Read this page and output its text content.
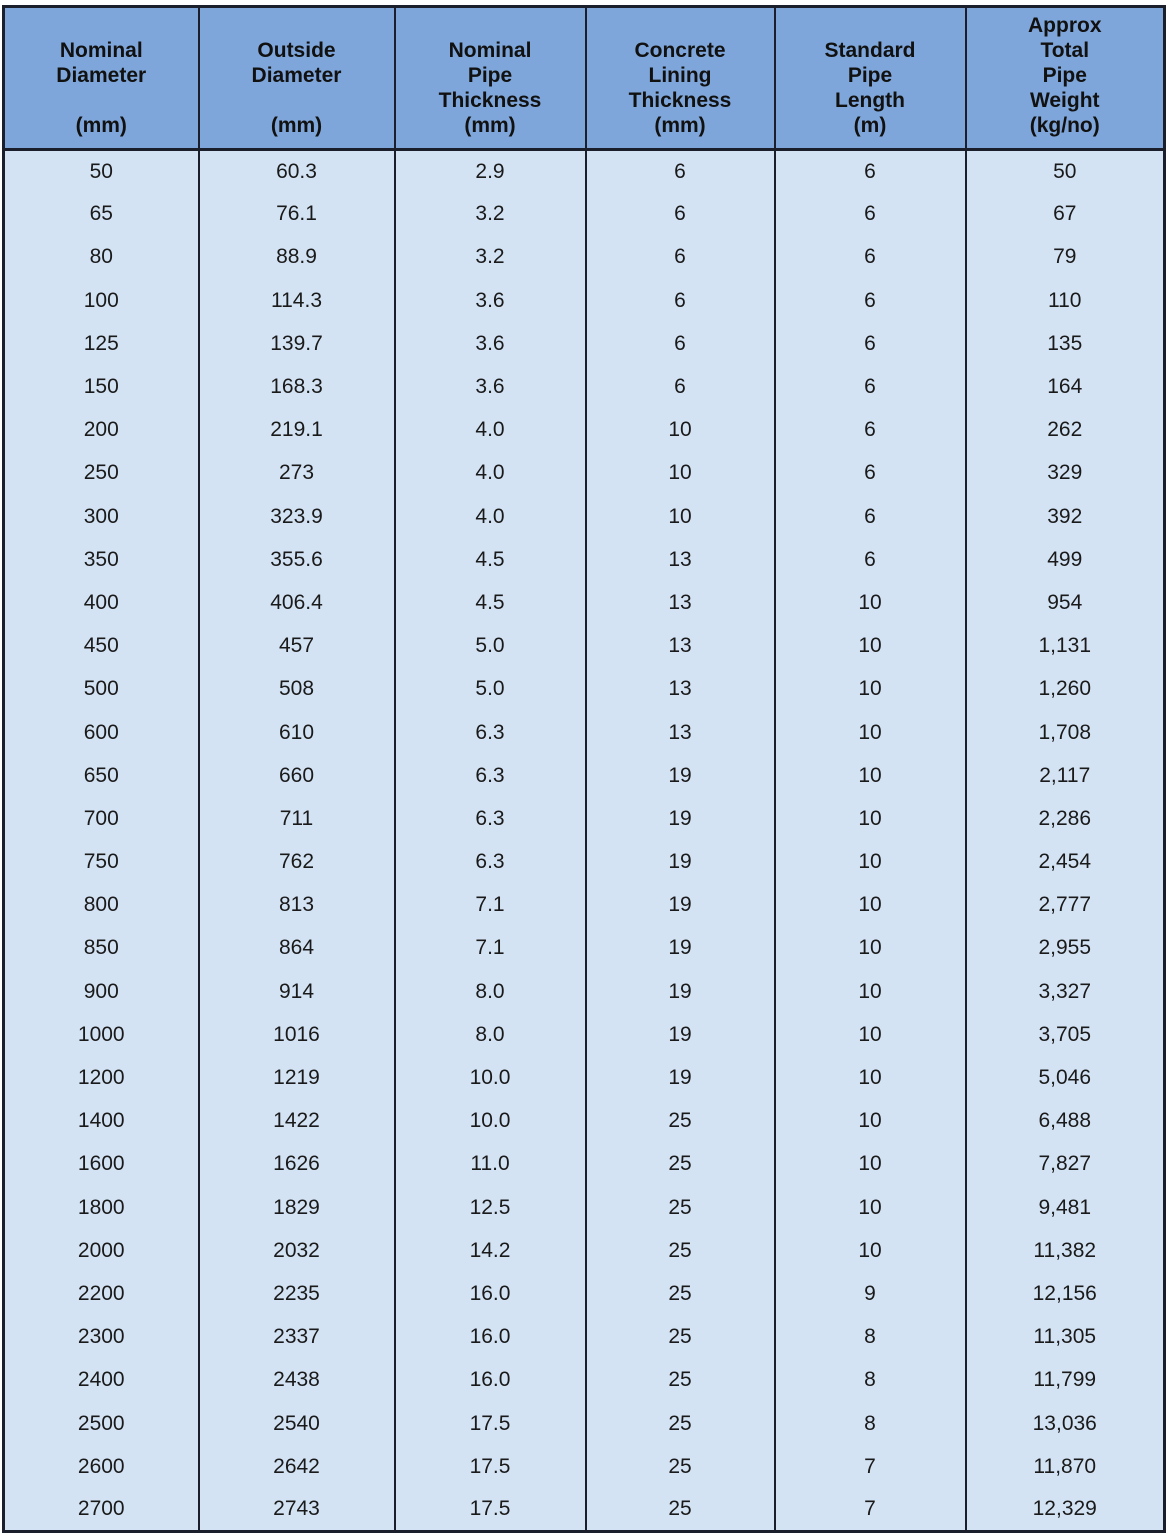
Nominal
Diameter
(mm)	Outside
Diameter
(mm)	Nominal
Pipe
Thickness
(mm)	Concrete
Lining
Thickness
(mm)	Standard
Pipe
Length
(m)	Approx
Total
Pipe
Weight
(kg/no)

50	60.3	2.9	6	6	50
65	76.1	3.2	6	6	67
80	88.9	3.2	6	6	79
100	114.3	3.6	6	6	110
125	139.7	3.6	6	6	135
150	168.3	3.6	6	6	164
200	219.1	4.0	10	6	262
250	273	4.0	10	6	329
300	323.9	4.0	10	6	392
350	355.6	4.5	13	6	499
400	406.4	4.5	13	10	954
450	457	5.0	13	10	1,131
500	508	5.0	13	10	1,260
600	610	6.3	13	10	1,708
650	660	6.3	19	10	2,117
700	711	6.3	19	10	2,286
750	762	6.3	19	10	2,454
800	813	7.1	19	10	2,777
850	864	7.1	19	10	2,955
900	914	8.0	19	10	3,327
1000	1016	8.0	19	10	3,705
1200	1219	10.0	19	10	5,046
1400	1422	10.0	25	10	6,488
1600	1626	11.0	25	10	7,827
1800	1829	12.5	25	10	9,481
2000	2032	14.2	25	10	11,382
2200	2235	16.0	25	9	12,156
2300	2337	16.0	25	8	11,305
2400	2438	16.0	25	8	11,799
2500	2540	17.5	25	8	13,036
2600	2642	17.5	25	7	11,870
2700	2743	17.5	25	7	12,329
